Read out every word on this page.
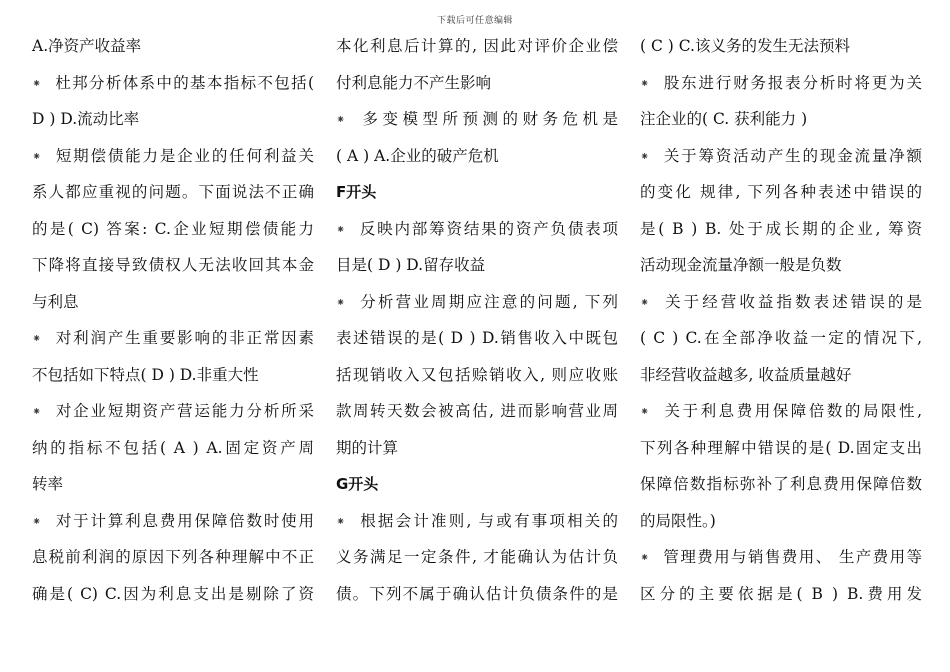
下载后可任意编辑
A.净资产收益率
⁕ 杜邦分析体系中的基本指标不包括(
D ) D.流动比率
⁕ 短期偿债能力是企业的任何利益关
系人都应重视的问题。下面说法不正确
的是( C) 答案: C.企业短期偿债能力
下降将直接导致债权人无法收回其本金
与利息
⁕ 对利润产生重要影响的非正常因素
不包括如下特点( D ) D.非重大性
⁕ 对企业短期资产营运能力分析所采
纳的指标不包括( A ) A.固定资产周
转率
⁕ 对于计算利息费用保障倍数时使用
息税前利润的原因下列各种理解中不正
确是( C) C.因为利息支出是剔除了资
本化利息后计算的, 因此对评价企业偿
付利息能力不产生影响
⁕ 多变模型所预测的财务危机是
( A ) A.企业的破产危机
F开头
⁕ 反映内部筹资结果的资产负债表项
目是( D ) D.留存收益
⁕ 分析营业周期应注意的问题, 下列
表述错误的是( D ) D.销售收入中既包
括现销收入又包括赊销收入, 则应收账
款周转天数会被高估, 进而影响营业周
期的计算
G开头
⁕ 根据会计准则, 与或有事项相关的
义务满足一定条件, 才能确认为估计负
债。下列不属于确认估计负债条件的是
( C ) C.该义务的发生无法预料
⁕ 股东进行财务报表分析时将更为关
注企业的( C. 获利能力 )
⁕ 关于筹资活动产生的现金流量净额
的变化 规律, 下列各种表述中错误的
是( B ) B. 处于成长期的企业, 筹资
活动现金流量净额一般是负数
⁕ 关于经营收益指数表述错误的是
( C ) C.在全部净收益一定的情况下,
非经营收益越多, 收益质量越好
⁕ 关于利息费用保障倍数的局限性,
下列各种理解中错误的是( D.固定支出
保障倍数指标弥补了利息费用保障倍数
的局限性。)
⁕ 管理费用与销售费用、 生产费用等
区分的主要依据是( B ) B.费用发
